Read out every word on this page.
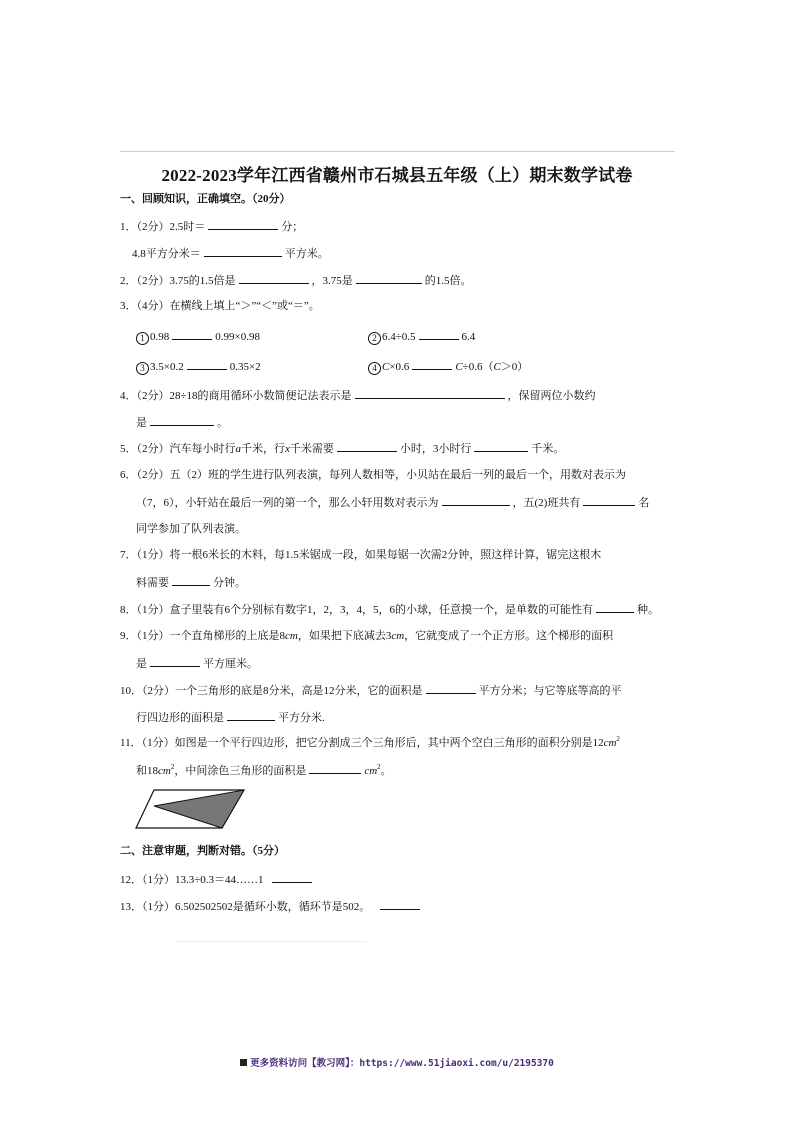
2022-2023学年江西省赣州市石城县五年级（上）期末数学试卷
一、回顾知识，正确填空。（20分）
1．（2分）2.5时＝	分；
4.8平方分米＝	平方米。
2．（2分）3.75的1.5倍是	，3.75是	的1.5倍。
3．（4分）在横线上填上“＞”“＜”或“＝”。
1 0.98	0.99×0.98	2 6.4÷0.5	6.4
3 3.5×0.2	0.35×2	4 C×0.6	C÷0.6（C＞0）
4．（2分）28÷18的商用循环小数简便记法表示是	，保留两位小数约
是	。
5．（2分）汽车每小时行a千米，行x千米需要	小时，3小时行	千米。
6．（2分）五（2）班的学生进行队列表演，每列人数相等，小贝站在最后一列的最后一个，用数对表示为
（7，6），小轩站在最后一列的第一个，那么小轩用数对表示为	，五(2)班共有	名
同学参加了队列表演。
7．（1分）将一根6米长的木料，每1.5米锯成一段，如果每锯一次需2分钟，照这样计算，锯完这根木
料需要	分钟。
8．（1分）盒子里装有6个分别标有数字1，2，3，4，5，6的小球，任意摸一个，是单数的可能性有	种。
9．（1分）一个直角梯形的上底是8cm，如果把下底减去3cm，它就变成了一个正方形。这个梯形的面积
是	平方厘米。
10．（2分）一个三角形的底是8分米，高是12分米，它的面积是	平方分米；与它等底等高的平
行四边形的面积是	平方分米.
11．（1分）如图是一个平行四边形，把它分割成三个三角形后，其中两个空白三角形的面积分别是$12cm^2$
和$18cm^2$，中间涂色三角形的面积是	$cm^2$。
二、注意审题，判断对错。（5分）
12．（1分）13.3÷0.3＝44……1
13．（1分）6.502502502是循环小数，循环节是502。
更多资料访问【教习网】：https://www.51jiaoxi.com/u/2195370
